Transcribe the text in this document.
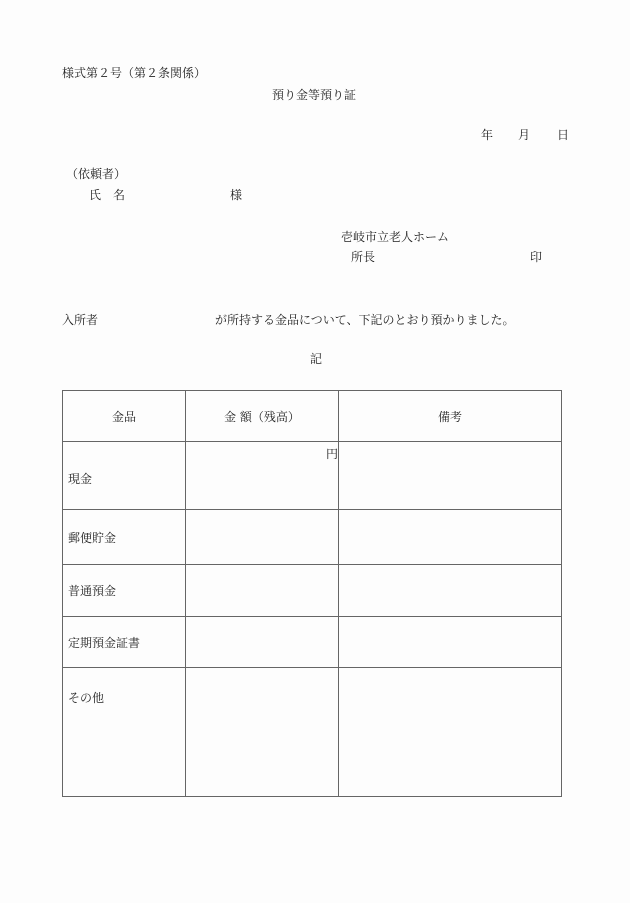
様式第２号（第２条関係）
預り金等預り証
年 月 日
（依頼者）
氏名	様
壱岐市立老人ホーム
所長	印
入所者	が所持する金品について、下記のとおり預かりました。
記
金品	金 額（残高）	備考
現金	円	

郵便貯金		
普通預金		
定期預金証書		
その他		
